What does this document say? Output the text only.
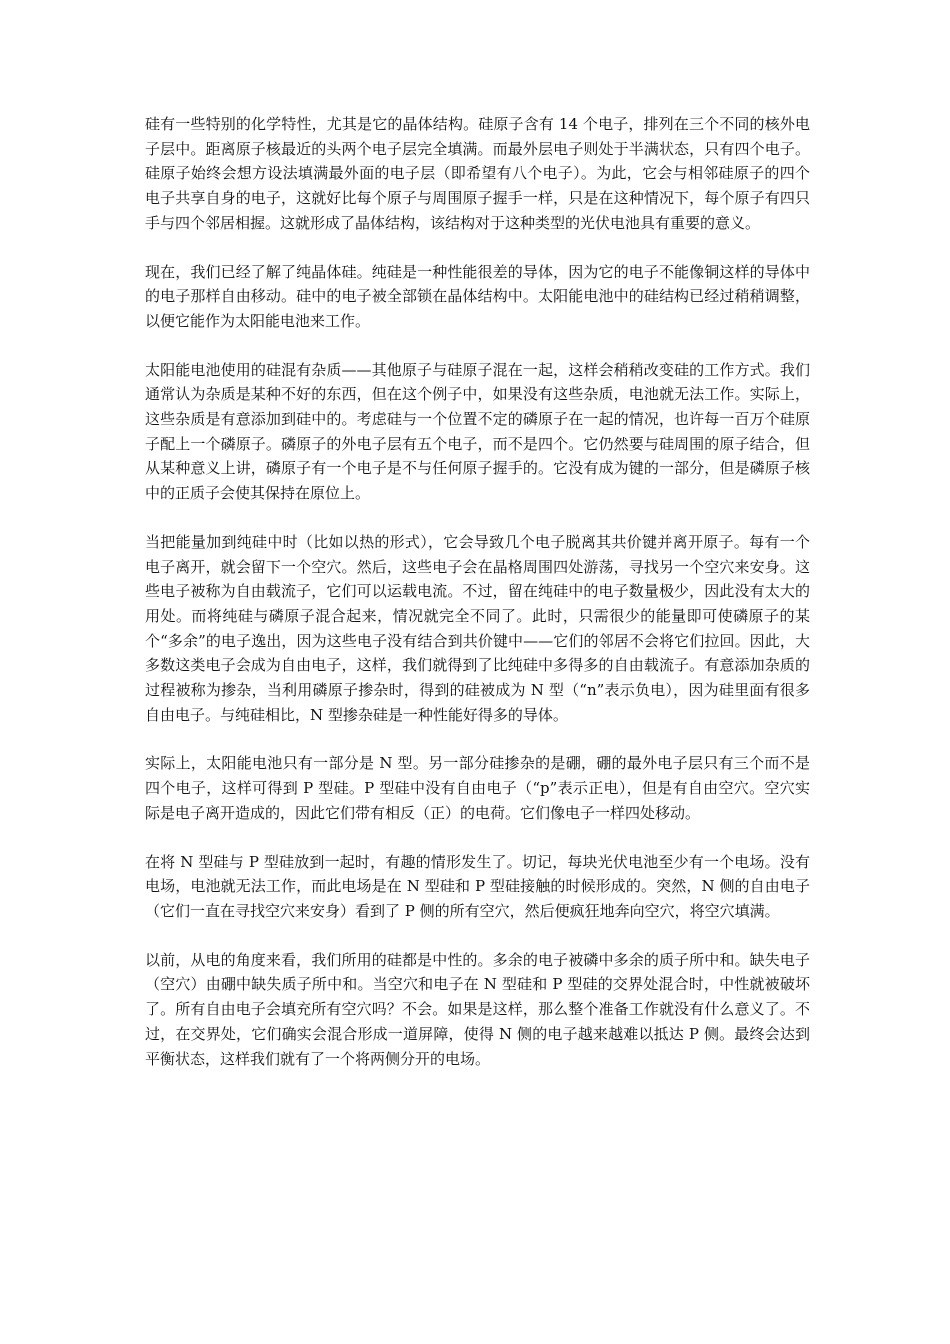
硅有一些特别的化学特性，尤其是它的晶体结构。硅原子含有 14 个电子，排列在三个不同的核外电子层中。距离原子核最近的头两个电子层完全填满。而最外层电子则处于半满状态，只有四个电子。硅原子始终会想方设法填满最外面的电子层（即希望有八个电子）。为此，它会与相邻硅原子的四个电子共享自身的电子，这就好比每个原子与周围原子握手一样，只是在这种情况下，每个原子有四只手与四个邻居相握。这就形成了晶体结构，该结构对于这种类型的光伏电池具有重要的意义。

现在，我们已经了解了纯晶体硅。纯硅是一种性能很差的导体，因为它的电子不能像铜这样的导体中的电子那样自由移动。硅中的电子被全部锁在晶体结构中。太阳能电池中的硅结构已经过稍稍调整，以便它能作为太阳能电池来工作。

太阳能电池使用的硅混有杂质——其他原子与硅原子混在一起，这样会稍稍改变硅的工作方式。我们通常认为杂质是某种不好的东西，但在这个例子中，如果没有这些杂质，电池就无法工作。实际上，这些杂质是有意添加到硅中的。考虑硅与一个位置不定的磷原子在一起的情况，也许每一百万个硅原子配上一个磷原子。磷原子的外电子层有五个电子，而不是四个。它仍然要与硅周围的原子结合，但从某种意义上讲，磷原子有一个电子是不与任何原子握手的。它没有成为键的一部分，但是磷原子核中的正质子会使其保持在原位上。

当把能量加到纯硅中时（比如以热的形式），它会导致几个电子脱离其共价键并离开原子。每有一个电子离开，就会留下一个空穴。然后，这些电子会在晶格周围四处游荡，寻找另一个空穴来安身。这些电子被称为自由载流子，它们可以运载电流。不过，留在纯硅中的电子数量极少，因此没有太大的用处。而将纯硅与磷原子混合起来，情况就完全不同了。此时，只需很少的能量即可使磷原子的某个“多余”的电子逸出，因为这些电子没有结合到共价键中——它们的邻居不会将它们拉回。因此，大多数这类电子会成为自由电子，这样，我们就得到了比纯硅中多得多的自由载流子。有意添加杂质的过程被称为掺杂，当利用磷原子掺杂时，得到的硅被成为 N 型（“n”表示负电），因为硅里面有很多自由电子。与纯硅相比，N 型掺杂硅是一种性能好得多的导体。

实际上，太阳能电池只有一部分是 N 型。另一部分硅掺杂的是硼，硼的最外电子层只有三个而不是四个电子，这样可得到 P 型硅。P 型硅中没有自由电子（“p”表示正电），但是有自由空穴。空穴实际是电子离开造成的，因此它们带有相反（正）的电荷。它们像电子一样四处移动。

在将 N 型硅与 P 型硅放到一起时，有趣的情形发生了。切记，每块光伏电池至少有一个电场。没有电场，电池就无法工作，而此电场是在 N 型硅和 P 型硅接触的时候形成的。突然，N 侧的自由电子（它们一直在寻找空穴来安身）看到了 P 侧的所有空穴，然后便疯狂地奔向空穴，将空穴填满。

以前，从电的角度来看，我们所用的硅都是中性的。多余的电子被磷中多余的质子所中和。缺失电子（空穴）由硼中缺失质子所中和。当空穴和电子在 N 型硅和 P 型硅的交界处混合时，中性就被破坏了。所有自由电子会填充所有空穴吗？不会。如果是这样，那么整个准备工作就没有什么意义了。不过，在交界处，它们确实会混合形成一道屏障，使得 N 侧的电子越来越难以抵达 P 侧。最终会达到平衡状态，这样我们就有了一个将两侧分开的电场。
